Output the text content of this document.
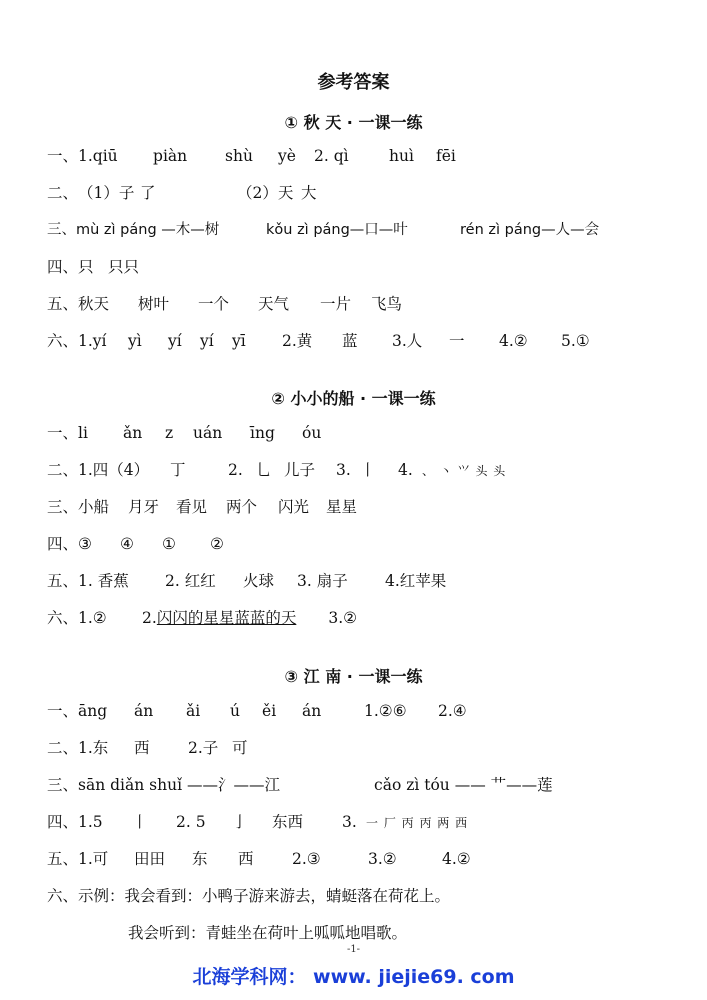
参考答案
① 秋 天 · 一课一练
一、1.qiū piàn shù yè 2. qì	huì fēi
二、（1）子 了	（2）天 大
三、mù zì páng —木—树	kǒu zì páng—口—叶	rén zì páng—人—会
四、只 只只
五、秋天 树叶 一个 天气 一片 飞鸟
六、1.yí yì yí yí yī 2.黄 蓝 3.人 一 4.② 5.①
② 小小的船 · 一课一练
一、li ǎn z uán īng óu
二、1.四（4） 丁	2. 乚 儿子 3. 丨 4. 、 丶 ⺍ 头 头
三、小船 月牙 看见 两个 闪光 星星
四、③ ④ ① ②
五、1. 香蕉 2. 红红 火球 3. 扇子 4.红苹果
六、1.② 2.闪闪的星星蓝蓝的天 3.②
③ 江 南 · 一课一练
一、āng án ǎi ú ěi án	1.②⑥ 2.④
二、1.东 西 2.子 可
三、sān diǎn shuǐ ——氵——江	cǎo zì tóu —— 艹——莲
四、1.5 丨 2. 5 亅 东西	3. 一 厂 丙 丙 两 西
五、1.可 田田 东 西 2.③	3.②	4.②
六、示例：我会看到：小鸭子游来游去，蜻蜓落在荷花上。
我会听到：青蛙坐在荷叶上呱呱地唱歌。
-1-
北海学科网： www. jiejie69. com
